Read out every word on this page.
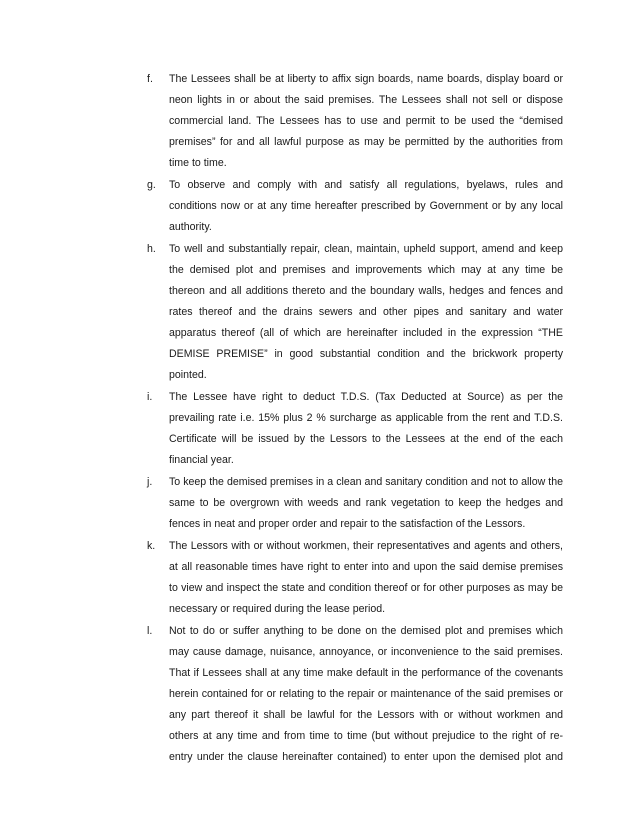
f. The Lessees shall be at liberty to affix sign boards, name boards, display board or neon lights in or about the said premises. The Lessees shall not sell or dispose commercial land. The Lessees has to use and permit to be used the “demised premises” for and all lawful purpose as may be permitted by the authorities from time to time.
g. To observe and comply with and satisfy all regulations, byelaws, rules and conditions now or at any time hereafter prescribed by Government or by any local authority.
h. To well and substantially repair, clean, maintain, upheld support, amend and keep the demised plot and premises and improvements which may at any time be thereon and all additions thereto and the boundary walls, hedges and fences and rates thereof and the drains sewers and other pipes and sanitary and water apparatus thereof (all of which are hereinafter included in the expression “THE DEMISE PREMISE” in good substantial condition and the brickwork property pointed.
i. The Lessee have right to deduct T.D.S. (Tax Deducted at Source) as per the prevailing rate i.e. 15% plus 2 % surcharge as applicable from the rent and T.D.S. Certificate will be issued by the Lessors to the Lessees at the end of the each financial year.
j. To keep the demised premises in a clean and sanitary condition and not to allow the same to be overgrown with weeds and rank vegetation to keep the hedges and fences in neat and proper order and repair to the satisfaction of the Lessors.
k. The Lessors with or without workmen, their representatives and agents and others, at all reasonable times have right to enter into and upon the said demise premises to view and inspect the state and condition thereof or for other purposes as may be necessary or required during the lease period.
l. Not to do or suffer anything to be done on the demised plot and premises which may cause damage, nuisance, annoyance, or inconvenience to the said premises. That if Lessees shall at any time make default in the performance of the covenants herein contained for or relating to the repair or maintenance of the said premises or any part thereof it shall be lawful for the Lessors with or without workmen and others at any time and from time to time (but without prejudice to the right of re-entry under the clause hereinafter contained) to enter upon the demised plot and
